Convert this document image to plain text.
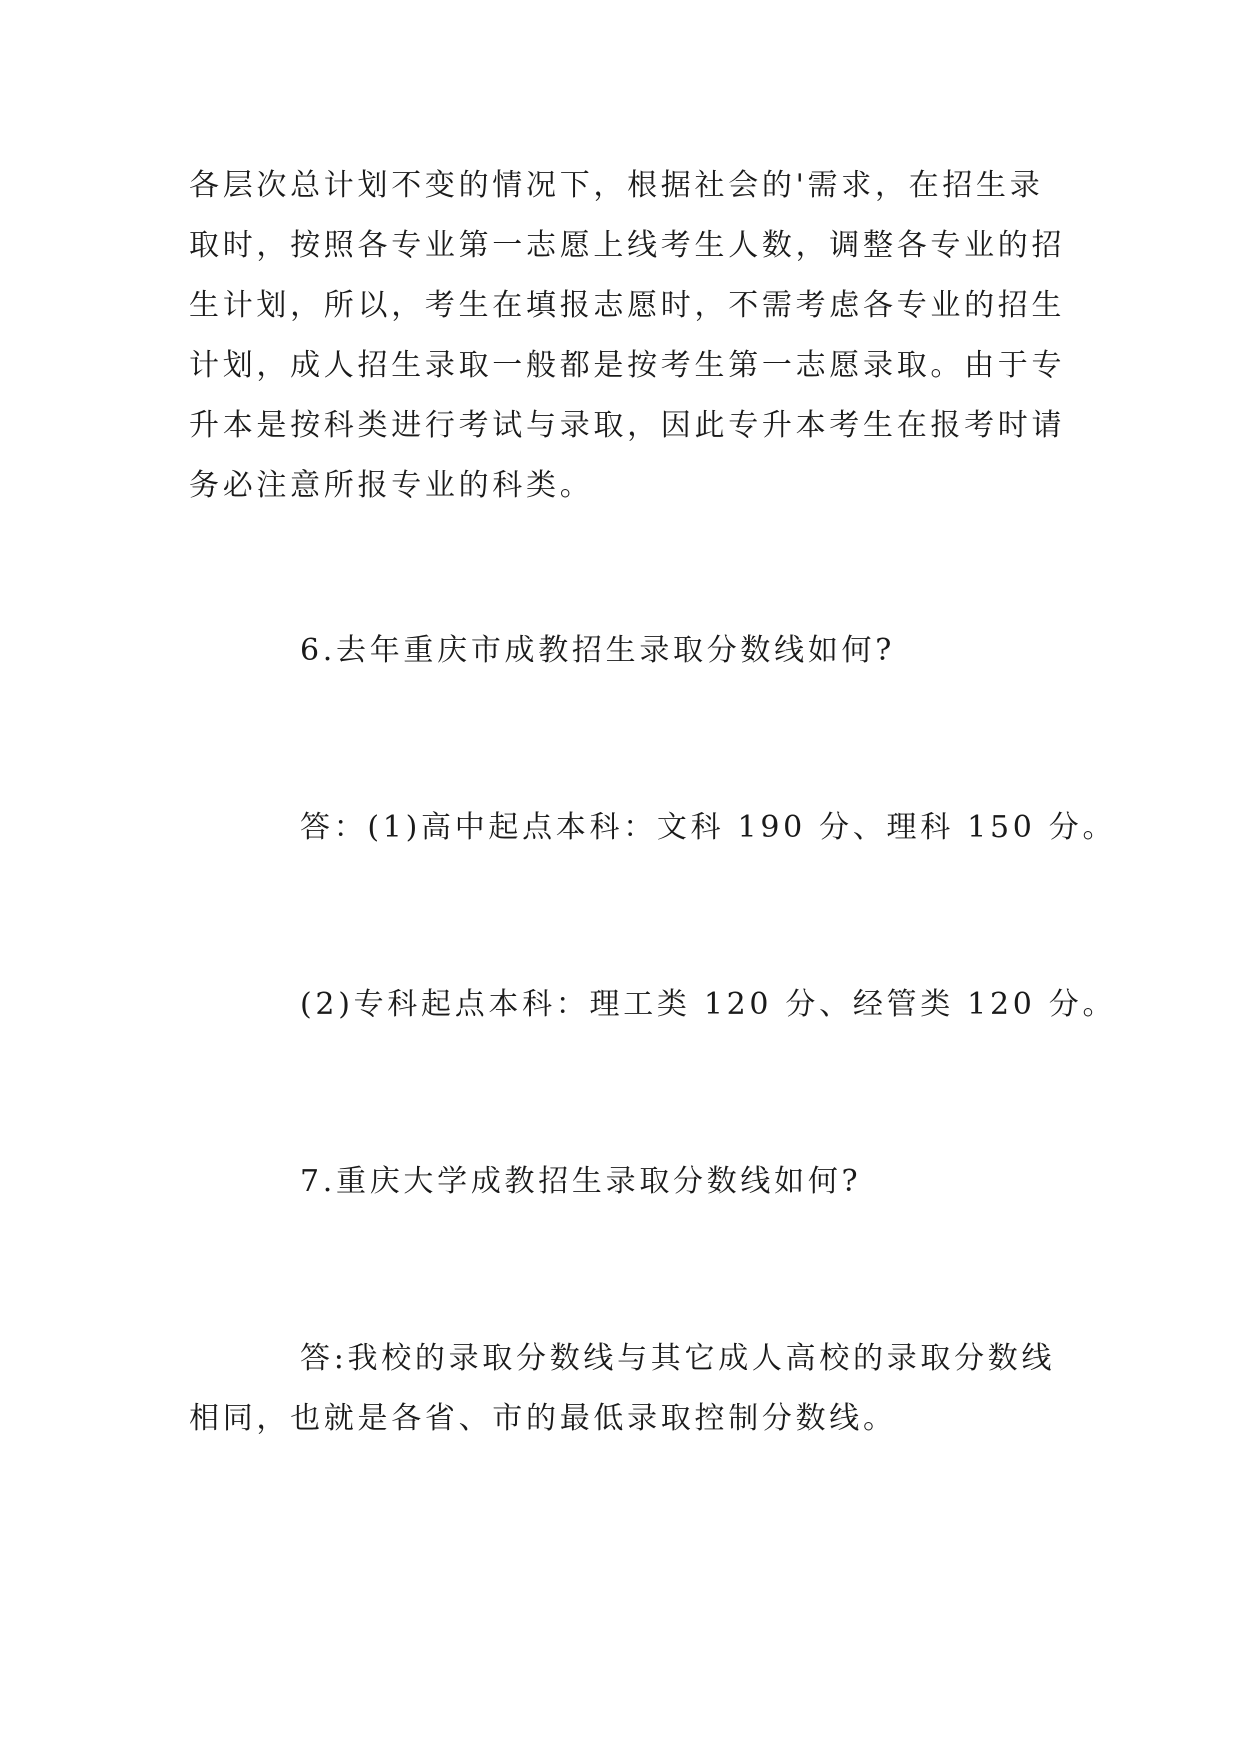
各层次总计划不变的情况下，根据社会的'需求，在招生录
取时，按照各专业第一志愿上线考生人数，调整各专业的招
生计划，所以，考生在填报志愿时，不需考虑各专业的招生
计划，成人招生录取一般都是按考生第一志愿录取。由于专
升本是按科类进行考试与录取，因此专升本考生在报考时请
务必注意所报专业的科类。
6.去年重庆市成教招生录取分数线如何?
答：(1)高中起点本科：文科 190 分、理科 150 分。
(2)专科起点本科：理工类 120 分、经管类 120 分。
7.重庆大学成教招生录取分数线如何?
答:我校的录取分数线与其它成人高校的录取分数线
相同，也就是各省、市的最低录取控制分数线。
